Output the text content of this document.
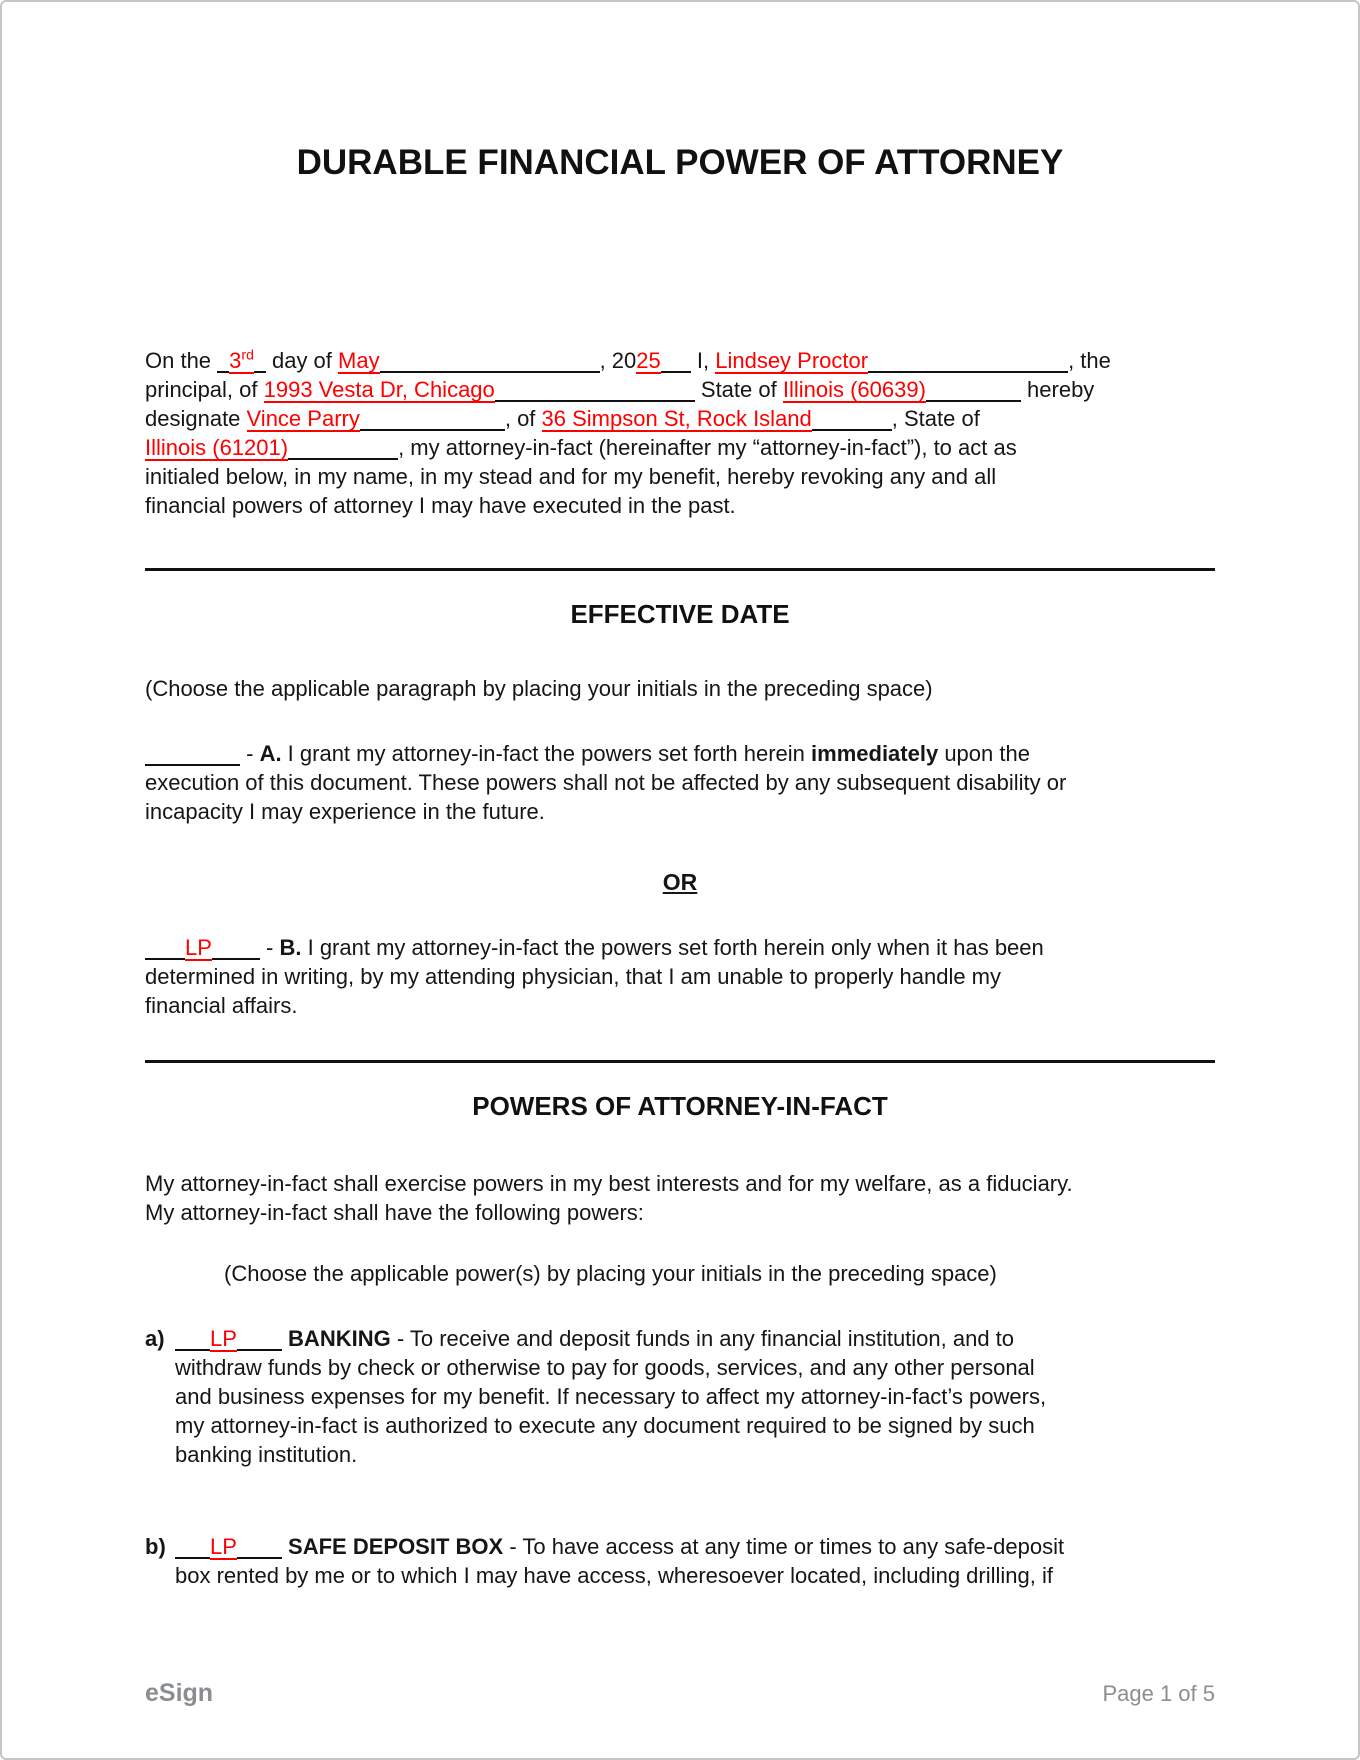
DURABLE FINANCIAL POWER OF ATTORNEY
On the 3rd day of May	, 2025 I, Lindsey Proctor	, the
principal, of 1993 Vesta Dr, Chicago	State of Illinois (60639)	hereby
designate Vince Parry	, of 36 Simpson St, Rock Island	, State of
Illinois (61201)	, my attorney-in-fact (hereinafter my “attorney-in-fact”), to act as
initialed below, in my name, in my stead and for my benefit, hereby revoking any and all
financial powers of attorney I may have executed in the past.
EFFECTIVE DATE
(Choose the applicable paragraph by placing your initials in the preceding space)
- A. I grant my attorney-in-fact the powers set forth herein immediately upon the
execution of this document. These powers shall not be affected by any subsequent disability or
incapacity I may experience in the future.
OR
LP - B. I grant my attorney-in-fact the powers set forth herein only when it has been
determined in writing, by my attending physician, that I am unable to properly handle my
financial affairs.
POWERS OF ATTORNEY-IN-FACT
My attorney-in-fact shall exercise powers in my best interests and for my welfare, as a fiduciary.
My attorney-in-fact shall have the following powers:
(Choose the applicable power(s) by placing your initials in the preceding space)
a)	LP BANKING - To receive and deposit funds in any financial institution, and to
withdraw funds by check or otherwise to pay for goods, services, and any other personal
and business expenses for my benefit. If necessary to affect my attorney-in-fact’s powers,
my attorney-in-fact is authorized to execute any document required to be signed by such
banking institution.
b)	LP SAFE DEPOSIT BOX - To have access at any time or times to any safe-deposit
box rented by me or to which I may have access, wheresoever located, including drilling, if
eSign	Page 1 of 5
